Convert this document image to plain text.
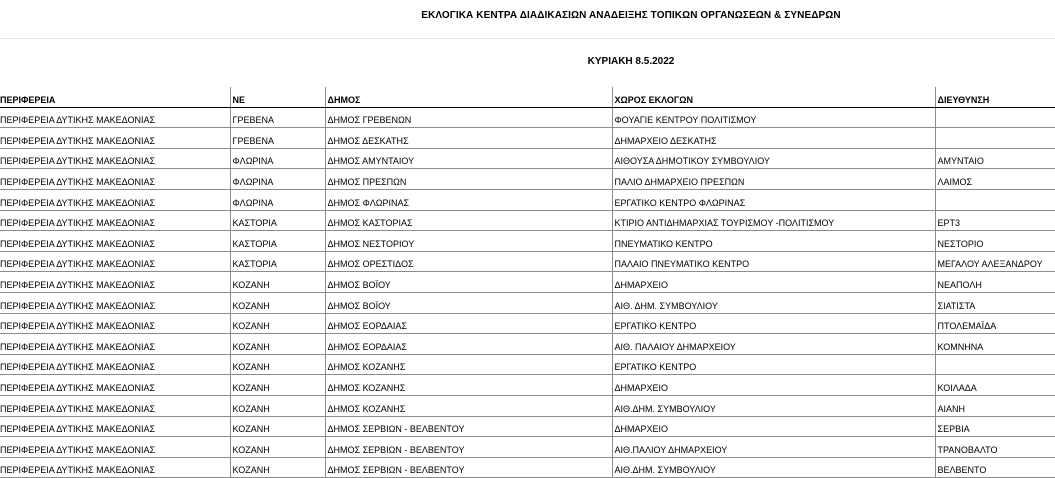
ΕΚΛΟΓΙΚΑ ΚΕΝΤΡΑ ΔΙΑΔΙΚΑΣΙΩΝ ΑΝΑΔΕΙΞΗΣ ΤΟΠΙΚΩΝ ΟΡΓΑΝΩΣΕΩΝ & ΣΥΝΕΔΡΩΝ
ΚΥΡΙΑΚΗ 8.5.2022
ΠΕΡΙΦΕΡΕΙΑ	ΝΕ	ΔΗΜΟΣ	ΧΩΡΟΣ ΕΚΛΟΓΩΝ	ΔΙΕΥΘΥΝΣΗ
ΠΕΡΙΦΕΡΕΙΑ ΔΥΤΙΚΗΣ ΜΑΚΕΔΟΝΙΑΣ	ΓΡΕΒΕΝΑ	ΔΗΜΟΣ ΓΡΕΒΕΝΩΝ	ΦΟΥΑΓΙΕ ΚΕΝΤΡΟΥ ΠΟΛΙΤΙΣΜΟΥ	
ΠΕΡΙΦΕΡΕΙΑ ΔΥΤΙΚΗΣ ΜΑΚΕΔΟΝΙΑΣ	ΓΡΕΒΕΝΑ	ΔΗΜΟΣ ΔΕΣΚΑΤΗΣ	ΔΗΜΑΡΧΕΙΟ ΔΕΣΚΑΤΗΣ	
ΠΕΡΙΦΕΡΕΙΑ ΔΥΤΙΚΗΣ ΜΑΚΕΔΟΝΙΑΣ	ΦΛΩΡΙΝΑ	ΔΗΜΟΣ ΑΜΥΝΤΑΙΟΥ	ΑΙΘΟΥΣΑ ΔΗΜΟΤΙΚΟΥ ΣΥΜΒΟΥΛΙΟΥ	ΑΜΥΝΤΑΙΟ
ΠΕΡΙΦΕΡΕΙΑ ΔΥΤΙΚΗΣ ΜΑΚΕΔΟΝΙΑΣ	ΦΛΩΡΙΝΑ	ΔΗΜΟΣ ΠΡΕΣΠΩΝ	ΠΑΛΙΟ ΔΗΜΑΡΧΕΙΟ ΠΡΕΣΠΩΝ	ΛΑΙΜΟΣ
ΠΕΡΙΦΕΡΕΙΑ ΔΥΤΙΚΗΣ ΜΑΚΕΔΟΝΙΑΣ	ΦΛΩΡΙΝΑ	ΔΗΜΟΣ ΦΛΩΡΙΝΑΣ	ΕΡΓΑΤΙΚΟ ΚΕΝΤΡΟ ΦΛΩΡΙΝΑΣ	
ΠΕΡΙΦΕΡΕΙΑ ΔΥΤΙΚΗΣ ΜΑΚΕΔΟΝΙΑΣ	ΚΑΣΤΟΡΙΑ	ΔΗΜΟΣ ΚΑΣΤΟΡΙΑΣ	ΚΤΙΡΙΟ ΑΝΤΙΔΗΜΑΡΧΙΑΣ ΤΟΥΡΙΣΜΟΥ -ΠΟΛΙΤΙΣΜΟΥ	ΕΡΤ3
ΠΕΡΙΦΕΡΕΙΑ ΔΥΤΙΚΗΣ ΜΑΚΕΔΟΝΙΑΣ	ΚΑΣΤΟΡΙΑ	ΔΗΜΟΣ ΝΕΣΤΟΡΙΟΥ	ΠΝΕΥΜΑΤΙΚΟ ΚΕΝΤΡΟ	ΝΕΣΤΟΡΙΟ
ΠΕΡΙΦΕΡΕΙΑ ΔΥΤΙΚΗΣ ΜΑΚΕΔΟΝΙΑΣ	ΚΑΣΤΟΡΙΑ	ΔΗΜΟΣ ΟΡΕΣΤΙΔΟΣ	ΠΑΛΑΙΟ ΠΝΕΥΜΑΤΙΚΟ ΚΕΝΤΡΟ	ΜΕΓΑΛΟΥ ΑΛΕΞΑΝΔΡΟΥ
ΠΕΡΙΦΕΡΕΙΑ ΔΥΤΙΚΗΣ ΜΑΚΕΔΟΝΙΑΣ	ΚΟΖΑΝΗ	ΔΗΜΟΣ ΒΟΪΟΥ	ΔΗΜΑΡΧΕΙΟ	ΝΕΑΠΟΛΗ
ΠΕΡΙΦΕΡΕΙΑ ΔΥΤΙΚΗΣ ΜΑΚΕΔΟΝΙΑΣ	ΚΟΖΑΝΗ	ΔΗΜΟΣ ΒΟΪΟΥ	ΑΙΘ. ΔΗΜ. ΣΥΜΒΟΥΛΙΟΥ	ΣΙΑΤΙΣΤΑ
ΠΕΡΙΦΕΡΕΙΑ ΔΥΤΙΚΗΣ ΜΑΚΕΔΟΝΙΑΣ	ΚΟΖΑΝΗ	ΔΗΜΟΣ ΕΟΡΔΑΙΑΣ	ΕΡΓΑΤΙΚΟ ΚΕΝΤΡΟ	ΠΤΟΛΕΜΑΪΔΑ
ΠΕΡΙΦΕΡΕΙΑ ΔΥΤΙΚΗΣ ΜΑΚΕΔΟΝΙΑΣ	ΚΟΖΑΝΗ	ΔΗΜΟΣ ΕΟΡΔΑΙΑΣ	ΑΙΘ. ΠΑΛΑΙΟΥ ΔΗΜΑΡΧΕΙΟΥ	ΚΟΜΝΗΝΑ
ΠΕΡΙΦΕΡΕΙΑ ΔΥΤΙΚΗΣ ΜΑΚΕΔΟΝΙΑΣ	ΚΟΖΑΝΗ	ΔΗΜΟΣ ΚΟΖΑΝΗΣ	ΕΡΓΑΤΙΚΟ ΚΕΝΤΡΟ	
ΠΕΡΙΦΕΡΕΙΑ ΔΥΤΙΚΗΣ ΜΑΚΕΔΟΝΙΑΣ	ΚΟΖΑΝΗ	ΔΗΜΟΣ ΚΟΖΑΝΗΣ	ΔΗΜΑΡΧΕΙΟ	ΚΟΙΛΑΔΑ
ΠΕΡΙΦΕΡΕΙΑ ΔΥΤΙΚΗΣ ΜΑΚΕΔΟΝΙΑΣ	ΚΟΖΑΝΗ	ΔΗΜΟΣ ΚΟΖΑΝΗΣ	ΑΙΘ.ΔΗΜ. ΣΥΜΒΟΥΛΙΟΥ	ΑΙΑΝΗ
ΠΕΡΙΦΕΡΕΙΑ ΔΥΤΙΚΗΣ ΜΑΚΕΔΟΝΙΑΣ	ΚΟΖΑΝΗ	ΔΗΜΟΣ ΣΕΡΒΙΩΝ - ΒΕΛΒΕΝΤΟΥ	ΔΗΜΑΡΧΕΙΟ	ΣΕΡΒΙΑ
ΠΕΡΙΦΕΡΕΙΑ ΔΥΤΙΚΗΣ ΜΑΚΕΔΟΝΙΑΣ	ΚΟΖΑΝΗ	ΔΗΜΟΣ ΣΕΡΒΙΩΝ - ΒΕΛΒΕΝΤΟΥ	ΑΙΘ.ΠΑΛΙΟΥ ΔΗΜΑΡΧΕΙΟΥ	ΤΡΑΝΟΒΑΛΤΟ
ΠΕΡΙΦΕΡΕΙΑ ΔΥΤΙΚΗΣ ΜΑΚΕΔΟΝΙΑΣ	ΚΟΖΑΝΗ	ΔΗΜΟΣ ΣΕΡΒΙΩΝ - ΒΕΛΒΕΝΤΟΥ	ΑΙΘ.ΔΗΜ. ΣΥΜΒΟΥΛΙΟΥ	ΒΕΛΒΕΝΤΟ
